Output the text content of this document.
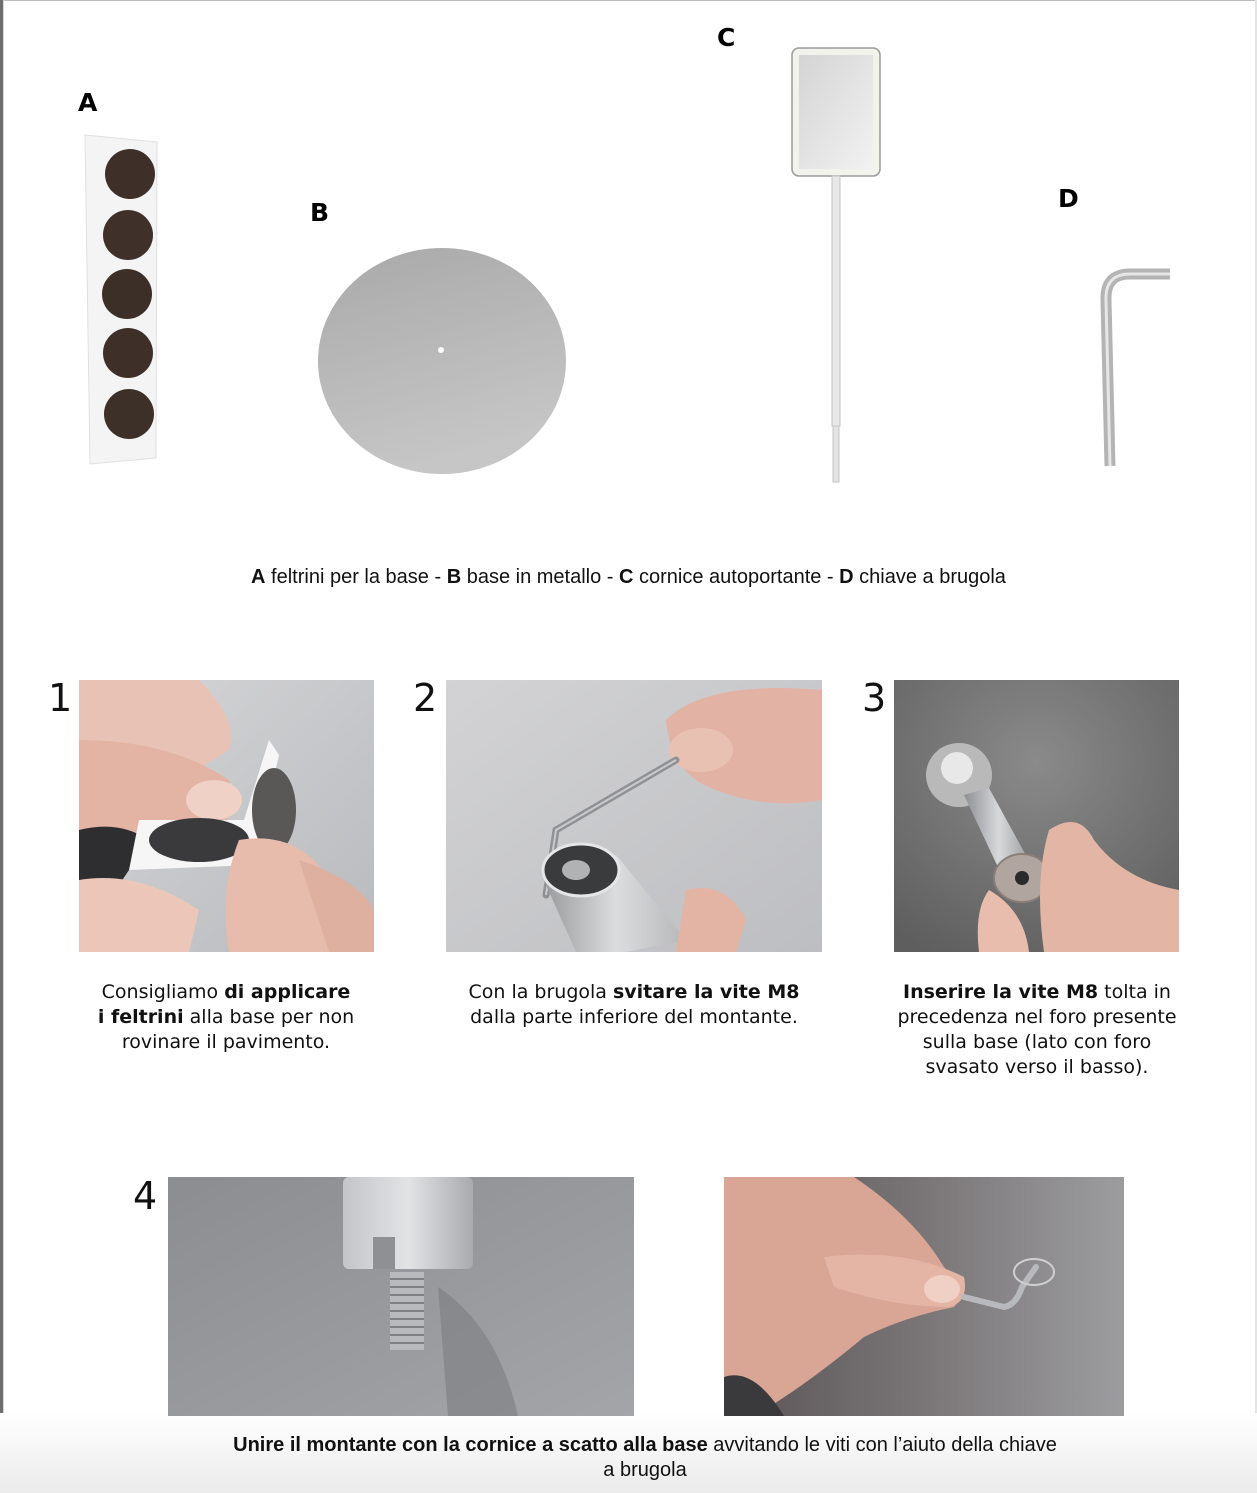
A
B
C
D
A feltrini per la base - B base in metallo - C cornice autoportante - D chiave a brugola
1
Consigliamo di applicare
i feltrini alla base per non
rovinare il pavimento.
2
Con la brugola svitare la vite M8
dalla parte inferiore del montante.
3
Inserire la vite M8 tolta in
precedenza nel foro presente
sulla base (lato con foro
svasato verso il basso).
4
Unire il montante con la cornice a scatto alla base avvitando le viti con l’aiuto della chiave
a brugola
